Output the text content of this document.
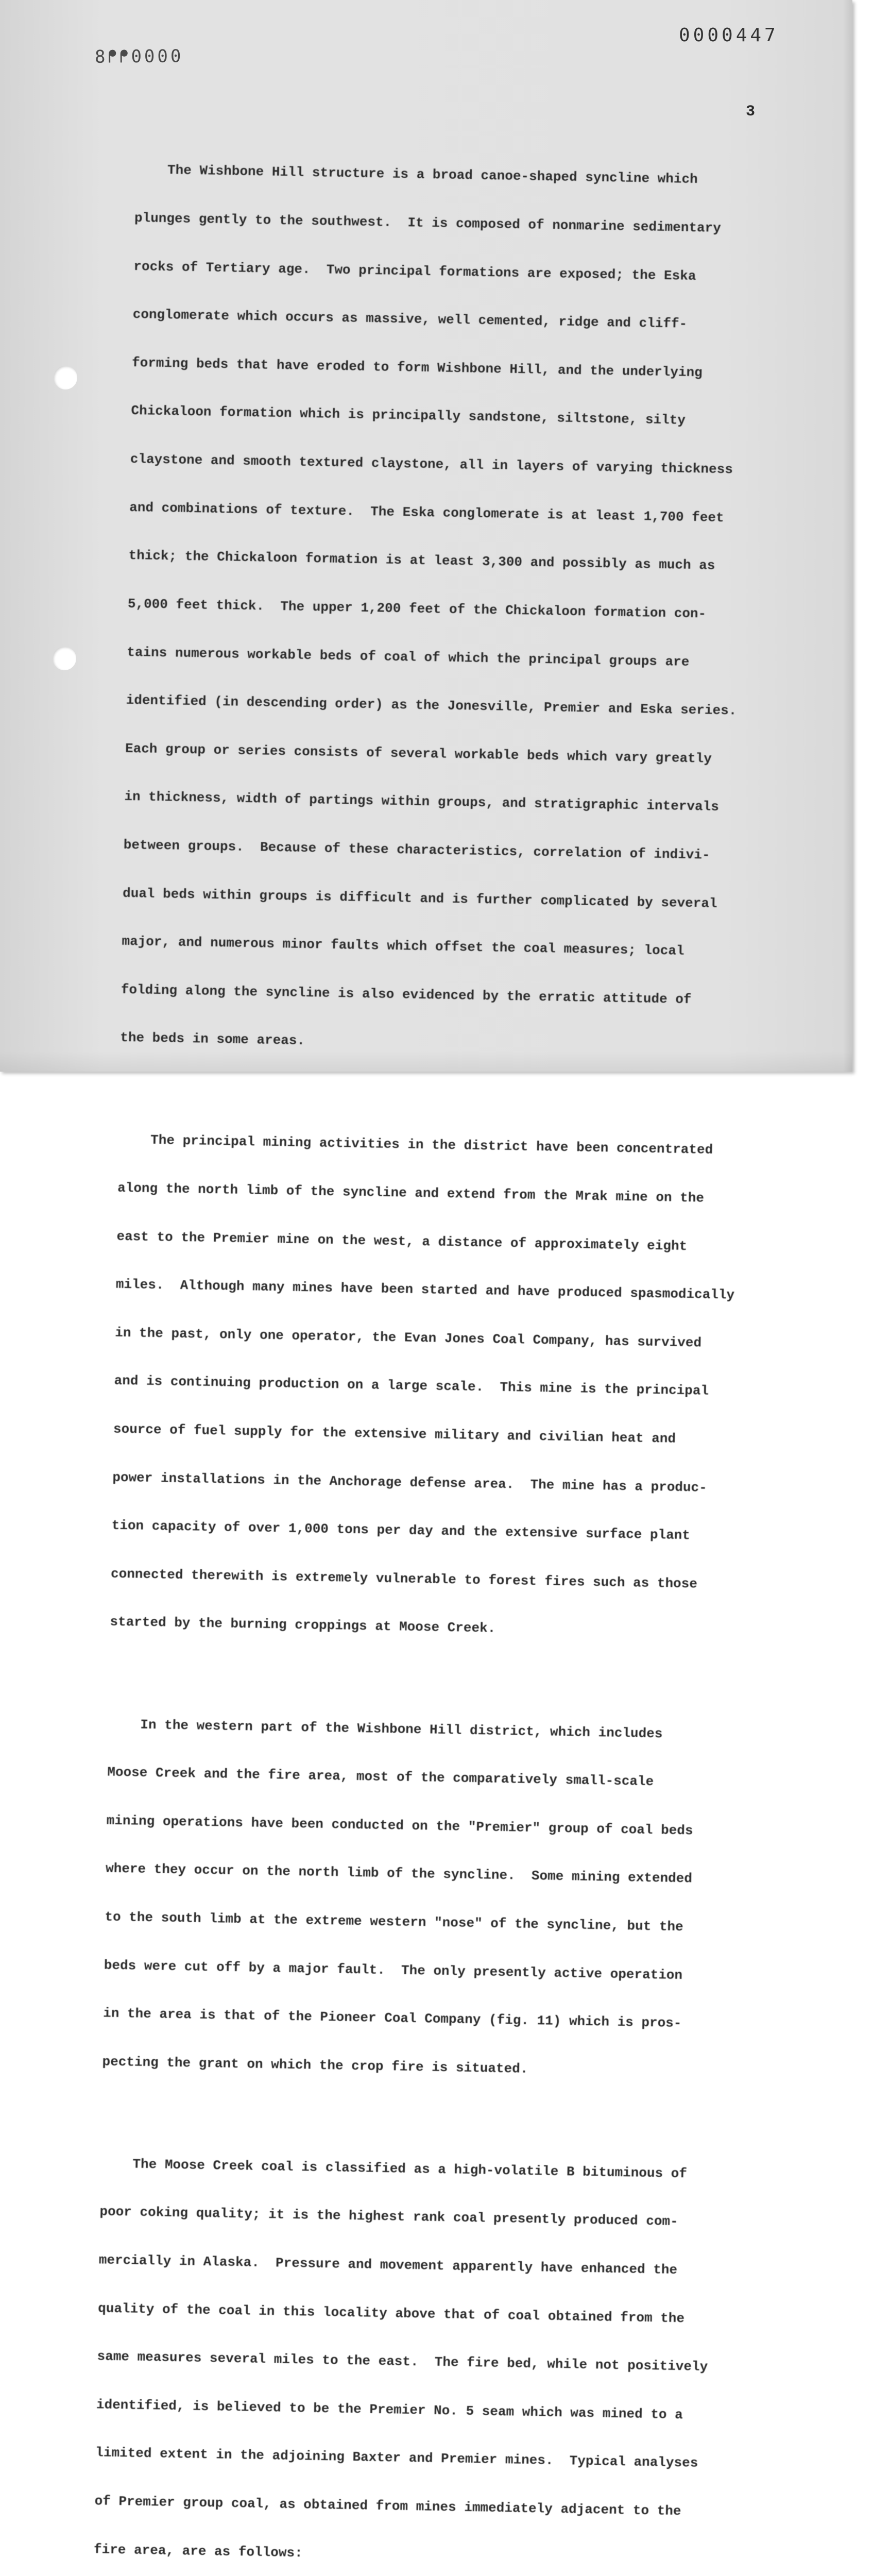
0000447
8ᖰᖰ0000
3

The Wishbone Hill structure is a broad canoe-shaped syncline which

plunges gently to the southwest.  It is composed of nonmarine sedimentary

rocks of Tertiary age.  Two principal formations are exposed; the Eska

conglomerate which occurs as massive, well cemented, ridge and cliff-

forming beds that have eroded to form Wishbone Hill, and the underlying

Chickaloon formation which is principally sandstone, siltstone, silty

claystone and smooth textured claystone, all in layers of varying thickness

and combinations of texture.  The Eska conglomerate is at least 1,700 feet

thick; the Chickaloon formation is at least 3,300 and possibly as much as

5,000 feet thick.  The upper 1,200 feet of the Chickaloon formation con-

tains numerous workable beds of coal of which the principal groups are

identified (in descending order) as the Jonesville, Premier and Eska series.

Each group or series consists of several workable beds which vary greatly

in thickness, width of partings within groups, and stratigraphic intervals

between groups.  Because of these characteristics, correlation of indivi-

dual beds within groups is difficult and is further complicated by several

major, and numerous minor faults which offset the coal measures; local

folding along the syncline is also evidenced by the erratic attitude of

the beds in some areas.

The principal mining activities in the district have been concentrated

along the north limb of the syncline and extend from the Mrak mine on the

east to the Premier mine on the west, a distance of approximately eight

miles.  Although many mines have been started and have produced spasmodically

in the past, only one operator, the Evan Jones Coal Company, has survived

and is continuing production on a large scale.  This mine is the principal

source of fuel supply for the extensive military and civilian heat and

power installations in the Anchorage defense area.  The mine has a produc-

tion capacity of over 1,000 tons per day and the extensive surface plant

connected therewith is extremely vulnerable to forest fires such as those

started by the burning croppings at Moose Creek.

In the western part of the Wishbone Hill district, which includes

Moose Creek and the fire area, most of the comparatively small-scale

mining operations have been conducted on the "Premier" group of coal beds

where they occur on the north limb of the syncline.  Some mining extended

to the south limb at the extreme western "nose" of the syncline, but the

beds were cut off by a major fault.  The only presently active operation

in the area is that of the Pioneer Coal Company (fig. 11) which is pros-

pecting the grant on which the crop fire is situated.

The Moose Creek coal is classified as a high-volatile B bituminous of

poor coking quality; it is the highest rank coal presently produced com-

mercially in Alaska.  Pressure and movement apparently have enhanced the

quality of the coal in this locality above that of coal obtained from the

same measures several miles to the east.  The fire bed, while not positively

identified, is believed to be the Premier No. 5 seam which was mined to a

limited extent in the adjoining Baxter and Premier mines.  Typical analyses

of Premier group coal, as obtained from mines immediately adjacent to the

fire area, are as follows:
